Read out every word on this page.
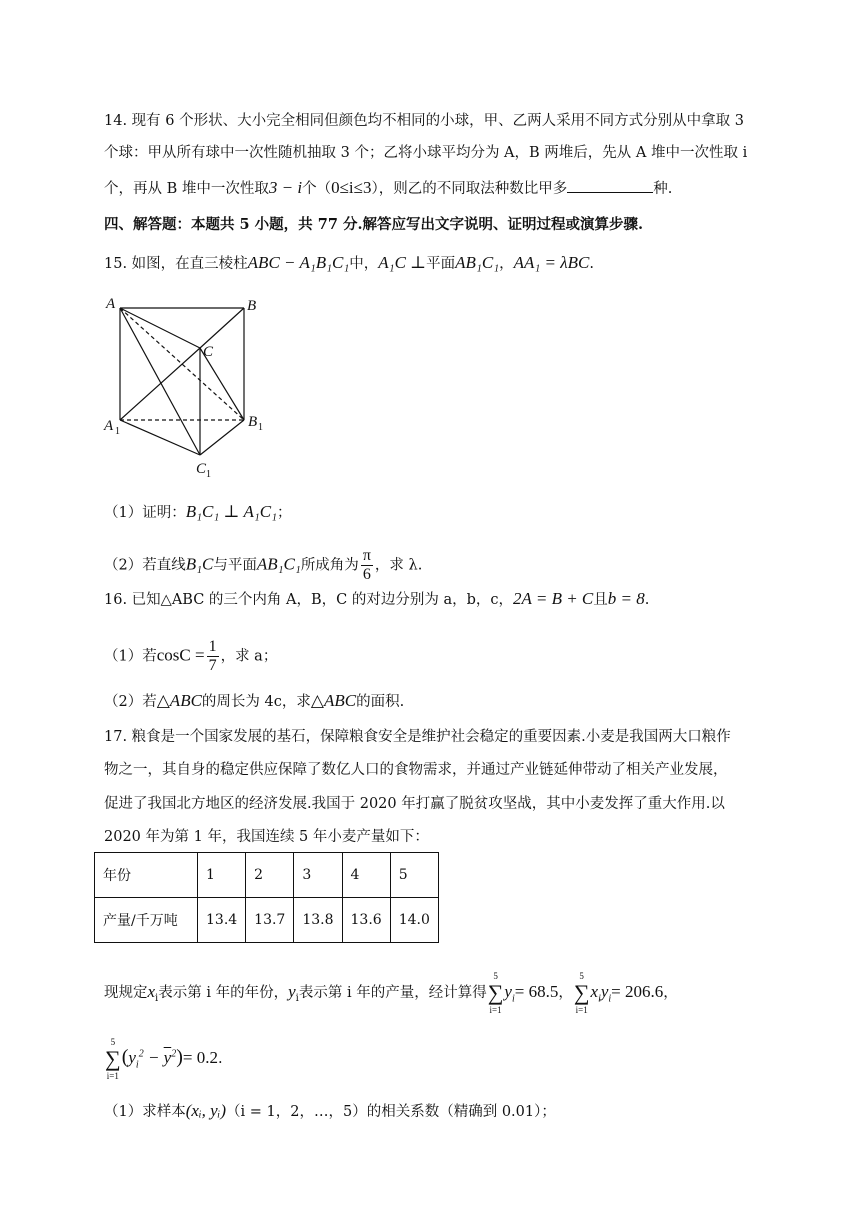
14. 现有 6 个形状、大小完全相同但颜色均不相同的小球，甲、乙两人采用不同方式分别从中拿取 3
个球：甲从所有球中一次性随机抽取 3 个；乙将小球平均分为 A，B 两堆后，先从 A 堆中一次性取 i
个，再从 B 堆中一次性取3 − i个（0≤i≤3），则乙的不同取法种数比甲多	种.
四、解答题：本题共 5 小题，共 77 分.解答应写出文字说明、证明过程或演算步骤.
15. 如图，在直三棱柱ABC − A₁B₁C₁中，A₁C ⊥平面AB₁C₁，AA₁ = λBC.
A	B
C
A	B
C
1	1
1
（1）证明：B₁C₁ ⊥ A₁C₁；
（2）若直线B₁C与平面AB₁C₁所成角为 $\frac{\pi}{6}$ ，求 λ.
16. 已知△ABC 的三个内角 A，B，C 的对边分别为 a，b，c，2A = B + C且b = 8.
（1）若$\cos C = \frac{1}{7}$ ，求 a；
（2）若△ABC的周长为 4c，求△ABC的面积.
17. 粮食是一个国家发展的基石，保障粮食安全是维护社会稳定的重要因素.小麦是我国两大口粮作
物之一，其自身的稳定供应保障了数亿人口的食物需求，并通过产业链延伸带动了相关产业发展，
促进了我国北方地区的经济发展.我国于 2020 年打赢了脱贫攻坚战，其中小麦发挥了重大作用.以
2020 年为第 1 年，我国连续 5 年小麦产量如下：
年份	1	2	3	4	5
产量/千万吨	13.4	13.7	13.8	13.6	14.0
现规定$x_i$表示第 i 年的年份，$y_i$表示第 i 年的产量，经计算得
5
∑
i=1
$y_i= 68.5$，
5
∑
i=1
$x_iy_i= 206.6$，
5
∑
i=1
$(y_i^2 - \overline{y}^2)= 0.2$.
（1）求样本(xᵢ, yᵢ)（i = 1，2，…，5）的相关系数（精确到 0.01）；
